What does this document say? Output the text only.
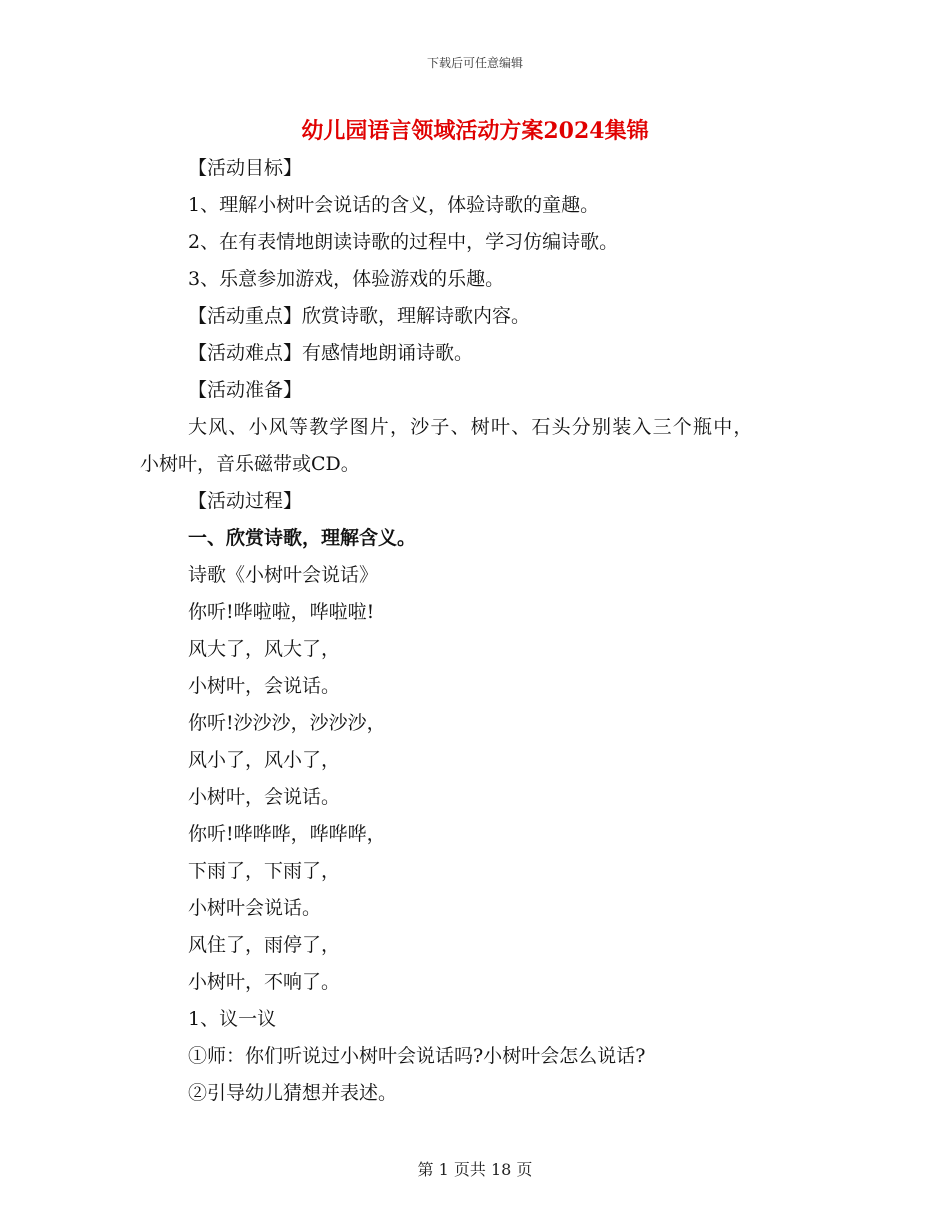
下载后可任意编辑
幼儿园语言领域活动方案2024集锦
【活动目标】
1、理解小树叶会说话的含义，体验诗歌的童趣。
2、在有表情地朗读诗歌的过程中，学习仿编诗歌。
3、乐意参加游戏，体验游戏的乐趣。
【活动重点】欣赏诗歌，理解诗歌内容。
【活动难点】有感情地朗诵诗歌。
【活动准备】
大风、小风等教学图片，沙子、树叶、石头分别装入三个瓶中，
小树叶，音乐磁带或CD。
【活动过程】
一、欣赏诗歌，理解含义。
诗歌《小树叶会说话》
你听!哗啦啦，哗啦啦!
风大了，风大了，
小树叶，会说话。
你听!沙沙沙，沙沙沙，
风小了，风小了，
小树叶，会说话。
你听!哗哗哗，哗哗哗，
下雨了，下雨了，
小树叶会说话。
风住了，雨停了，
小树叶，不响了。
1、议一议
①师：你们听说过小树叶会说话吗?小树叶会怎么说话?
②引导幼儿猜想并表述。
第 1 页共 18 页
